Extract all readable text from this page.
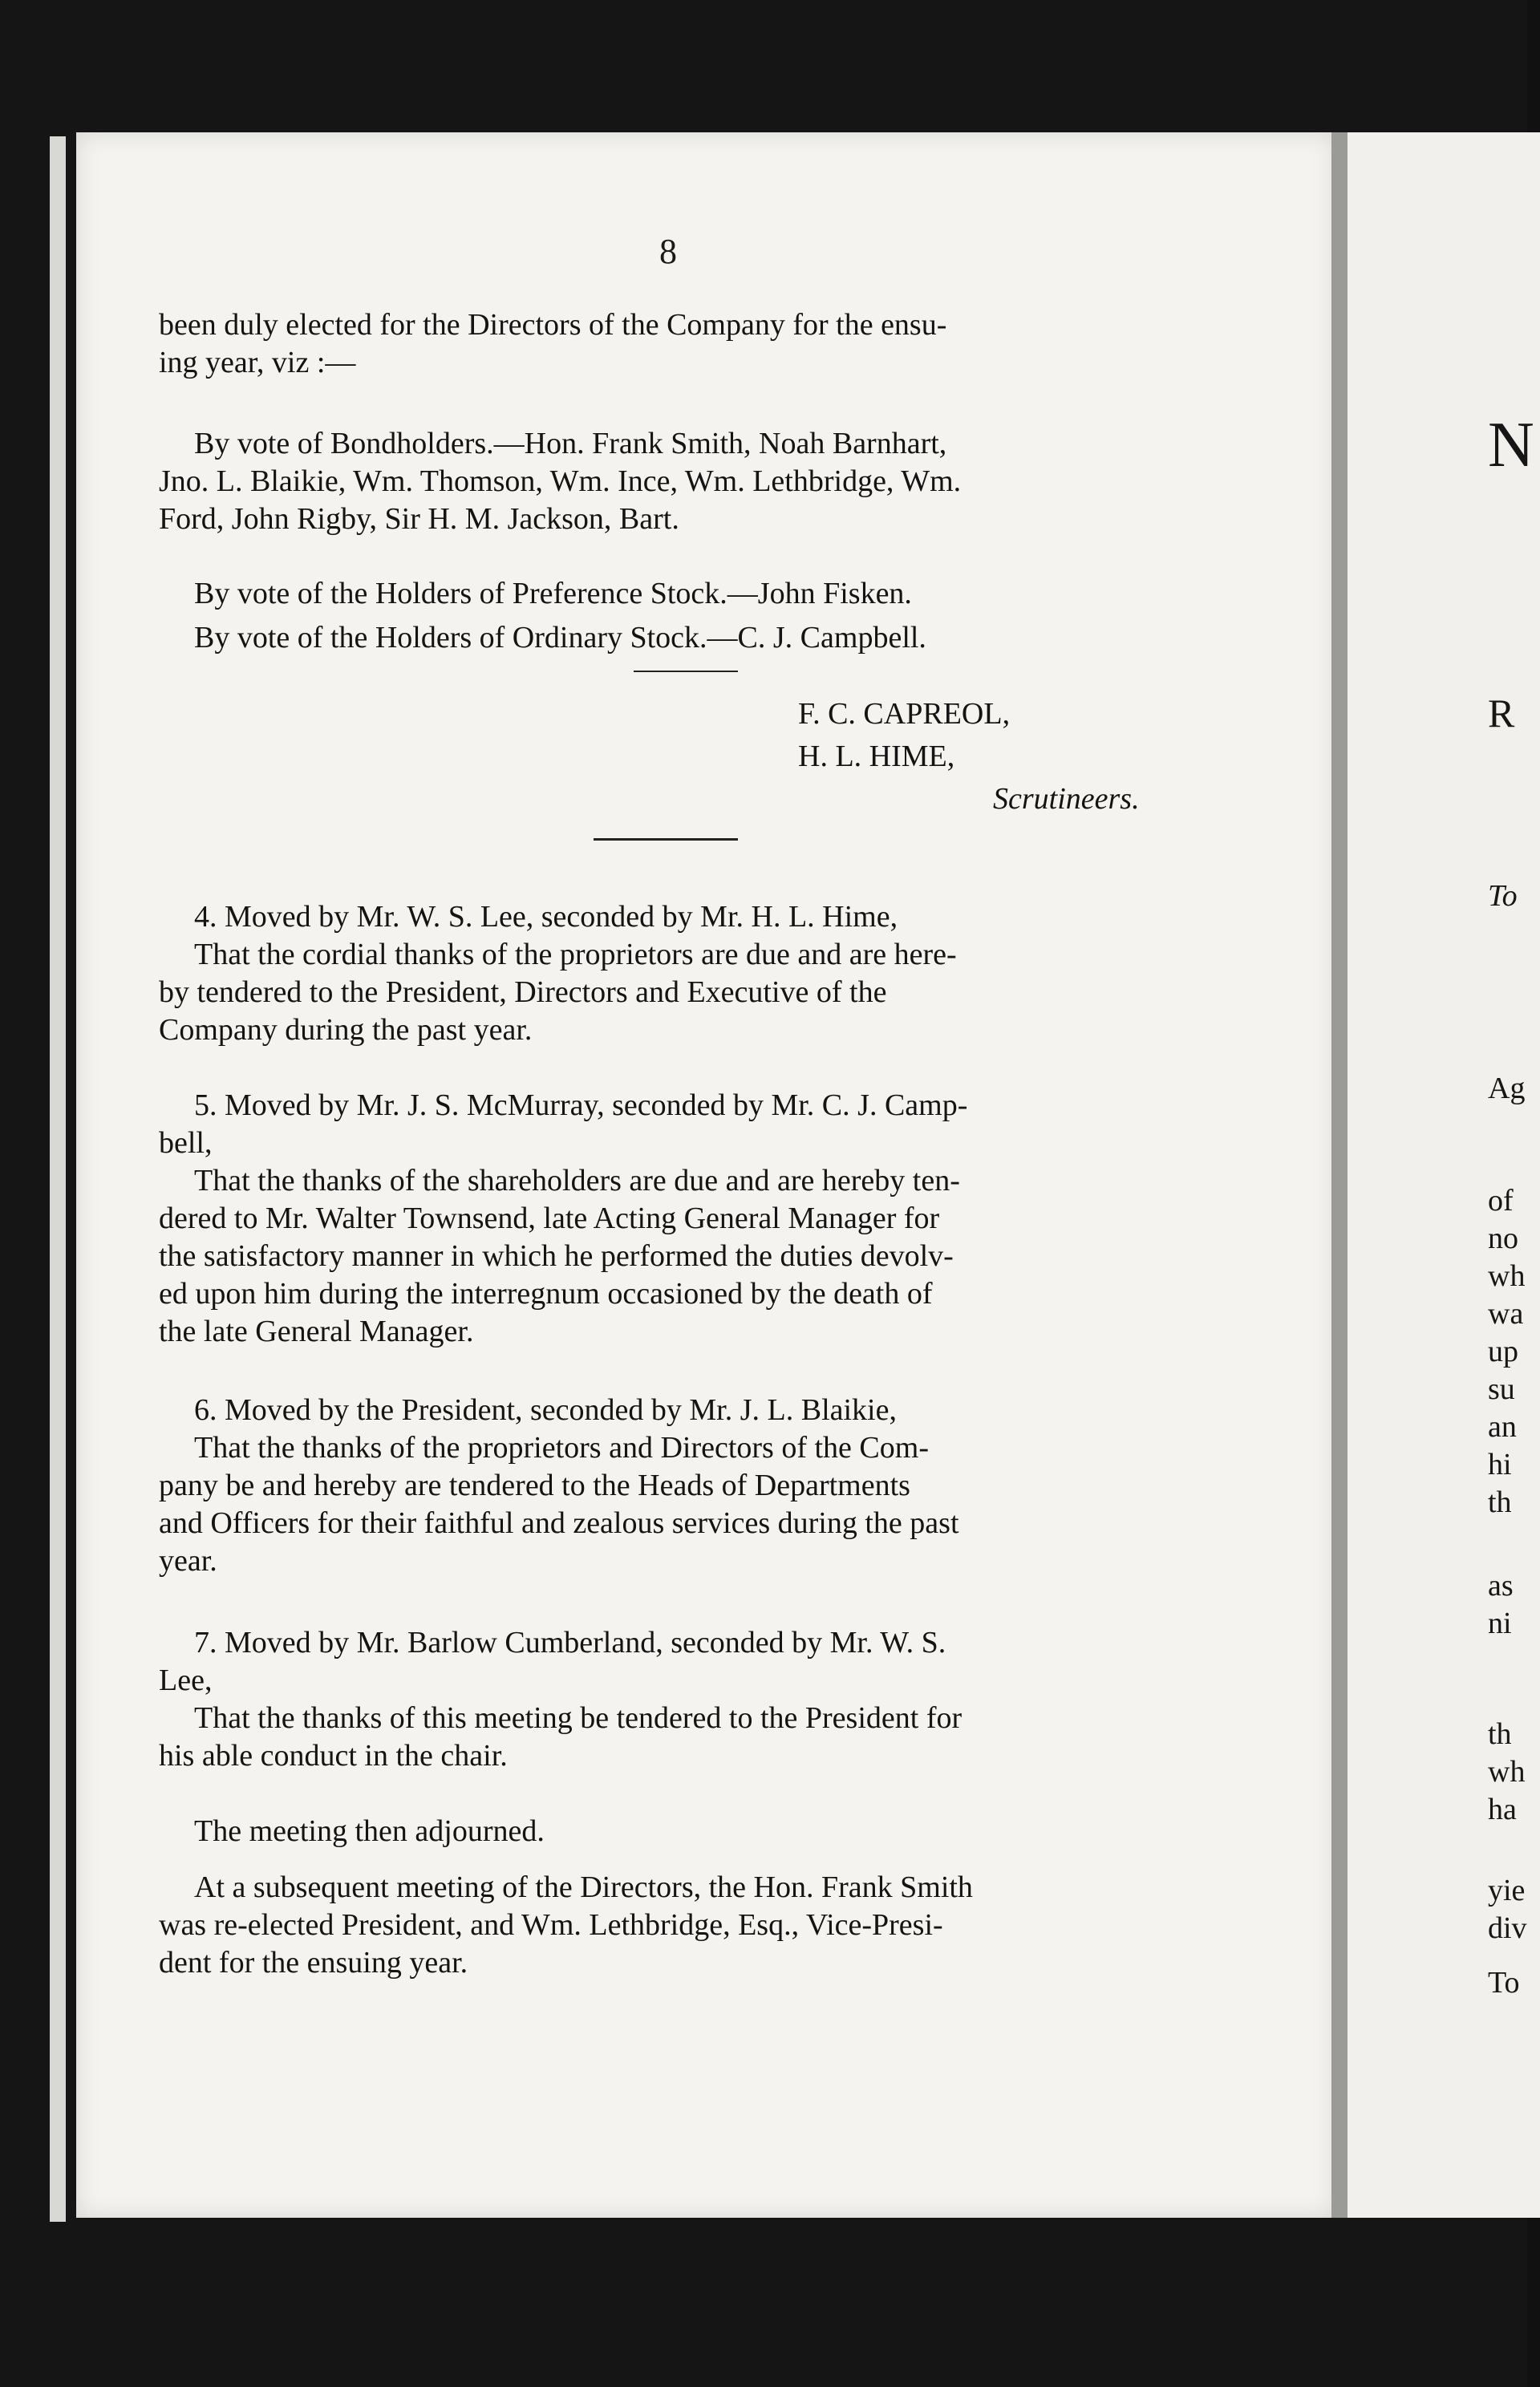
8
been duly elected for the Directors of the Company for the ensu-
ing year, viz :—
By vote of Bondholders.—Hon. Frank Smith, Noah Barnhart,
Jno. L. Blaikie, Wm. Thomson, Wm. Ince, Wm. Lethbridge, Wm.
Ford, John Rigby, Sir H. M. Jackson, Bart.
By vote of the Holders of Preference Stock.—John Fisken.
By vote of the Holders of Ordinary Stock.—C. J. Campbell.
F. C. CAPREOL,
H. L. HIME,
Scrutineers.
4. Moved by Mr. W. S. Lee, seconded by Mr. H. L. Hime,
That the cordial thanks of the proprietors are due and are here-
by tendered to the President, Directors and Executive of the
Company during the past year.
5. Moved by Mr. J. S. McMurray, seconded by Mr. C. J. Camp-
bell,
That the thanks of the shareholders are due and are hereby ten-
dered to Mr. Walter Townsend, late Acting General Manager for
the satisfactory manner in which he performed the duties devolv-
ed upon him during the interregnum occasioned by the death of
the late General Manager.
6. Moved by the President, seconded by Mr. J. L. Blaikie,
That the thanks of the proprietors and Directors of the Com-
pany be and hereby are tendered to the Heads of Departments
and Officers for their faithful and zealous services during the past
year.
7. Moved by Mr. Barlow Cumberland, seconded by Mr. W. S.
Lee,
That the thanks of this meeting be tendered to the President for
his able conduct in the chair.
The meeting then adjourned.
At a subsequent meeting of the Directors, the Hon. Frank Smith
was re-elected President, and Wm. Lethbridge, Esq., Vice-Presi-
dent for the ensuing year.
N
R
To
Ag
of
no
wh
wa
up
su
an
hi
th
as
ni
th
wh
ha
yie
div
To
